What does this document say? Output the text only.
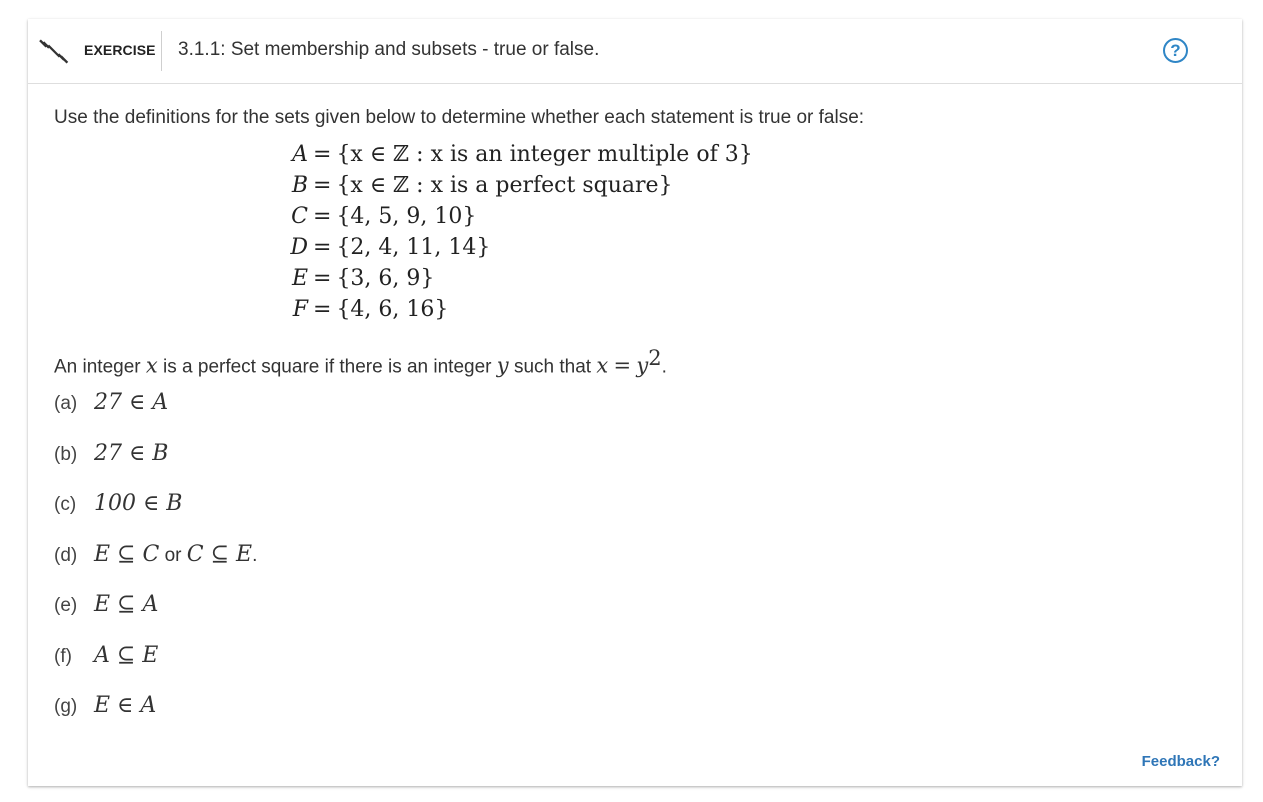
EXERCISE 3.1.1: Set membership and subsets - true or false.	?

Use the definitions for the sets given below to determine whether each statement is true or false:

A = {x ∈ ℤ : x is an integer multiple of 3}
B = {x ∈ ℤ : x is a perfect square}
C = {4, 5, 9, 10}
D = {2, 4, 11, 14}
E = {3, 6, 9}
F = {4, 6, 16}
An integer x is a perfect square if there is an integer y such that $x = y^2$.
(a) 27 ∈ A
(b) 27 ∈ B
(c) 100 ∈ B
(d) E ⊆ C or C ⊆ E.
(e) E ⊆ A
(f) A ⊆ E
(g) E ∈ A
Feedback?
